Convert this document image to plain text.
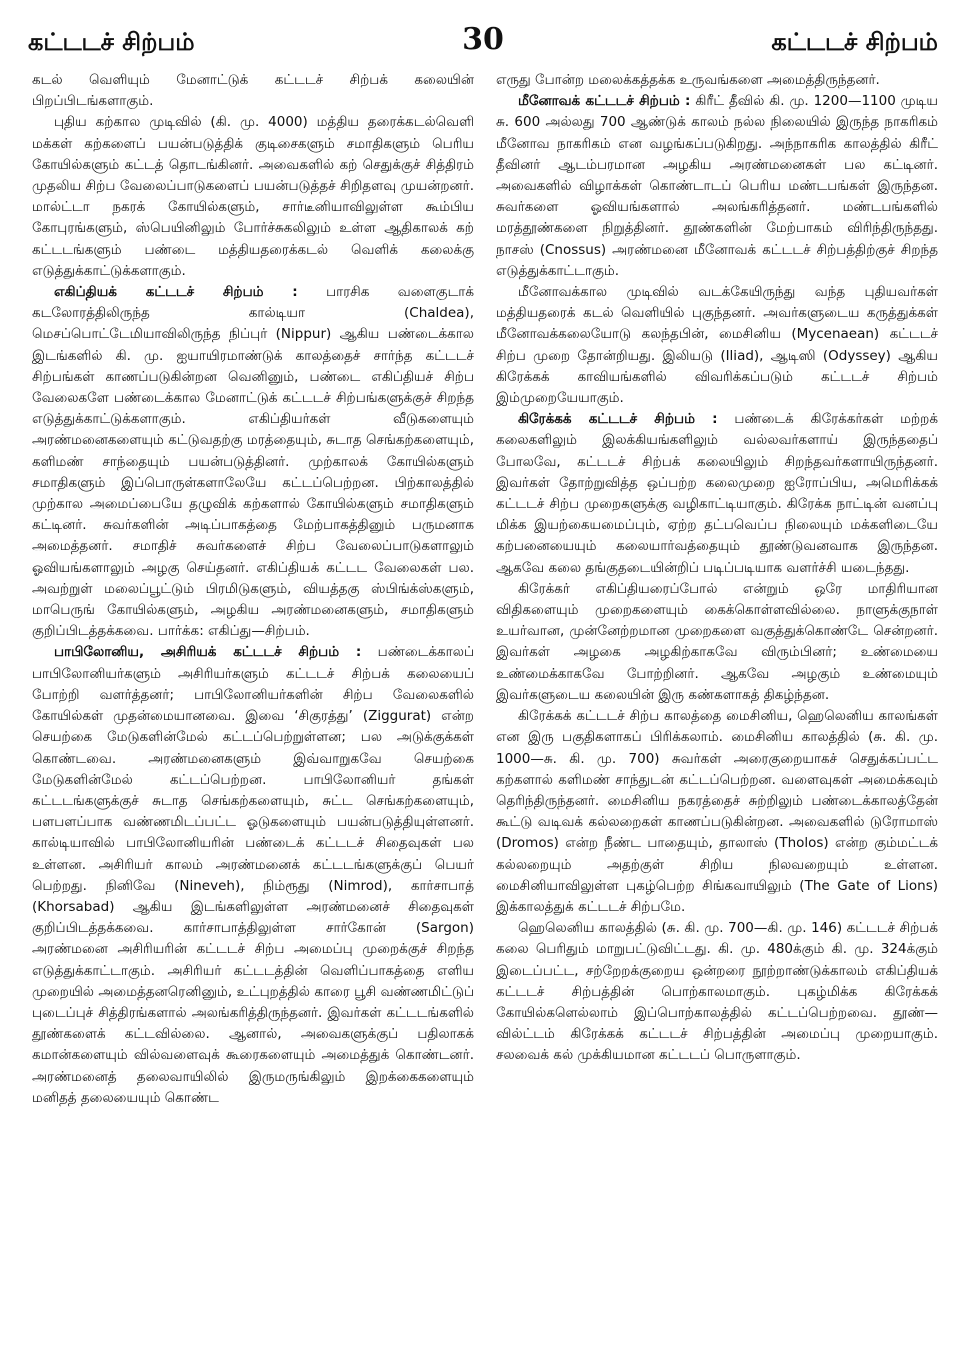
கட்டடச் சிற்பம்	30	கட்டடச் சிற்பம்

கடல் வெளியும் மேனாட்டுக் கட்டடச் சிற்பக் கலையின் பிறப்பிடங்களாகும்.

புதிய கற்கால முடிவில் (கி. மு. 4000) மத்திய தரைக்கடல்வெளி மக்கள் கற்களைப் பயன்படுத்திக் குடிசைகளும் சமாதிகளும் பெரிய கோயில்களும் கட்டத் தொடங்கினர். அவைகளில் கற் செதுக்குச் சித்திரம் முதலிய சிற்ப வேலைப்பாடுகளைப் பயன்படுத்தச் சிறிதளவு முயன்றனர். மால்ட்டா நகரக் கோயில்களும், சார்டீனியாவிலுள்ள கூம்பிய கோபுரங்களும், ஸ்பெயினிலும் போர்ச்சுகலிலும் உள்ள ஆதிகாலக் கற் கட்டடங்களும் பண்டை மத்தியதரைக்கடல் வெளிக் கலைக்கு எடுத்துக்காட்டுக்களாகும்.

எகிப்தியக் கட்டடச் சிற்பம் : பாரசிக வளைகுடாக் கடலோரத்திலிருந்த கால்டியா (Chaldea), மெசப்பொட்டேமியாவிலிருந்த நிப்புர் (Nippur) ஆகிய பண்டைக்கால இடங்களில் கி. மு. ஐயாயிரமாண்டுக் காலத்தைச் சார்ந்த கட்டடச் சிற்பங்கள் காணப்படுகின்றன வெனினும், பண்டை எகிப்தியச் சிற்ப வேலைகளே பண்டைக்கால மேனாட்டுக் கட்டடச் சிற்பங்களுக்குச் சிறந்த எடுத்துக்காட்டுக்களாகும். எகிப்தியர்கள் வீடுகளையும் அரண்மனைகளையும் கட்டுவதற்கு மரத்தையும், சுடாத செங்கற்களையும், களிமண் சாந்தையும் பயன்படுத்தினர். முற்காலக் கோயில்களும் சமாதிகளும் இப்பொருள்களாலேயே கட்டப்பெற்றன. பிற்காலத்தில் முற்கால அமைப்பையே தழுவிக் கற்களால் கோயில்களும் சமாதிகளும் கட்டினர். சுவர்களின் அடிப்பாகத்தை மேற்பாகத்தினும் பருமனாக அமைத்தனர். சமாதிச் சுவர்களைச் சிற்ப வேலைப்பாடுகளாலும் ஓவியங்களாலும் அழகு செய்தனர். எகிப்தியக் கட்டட வேலைகள் பல. அவற்றுள் மலைப்பூட்டும் பிரமிடுகளும், வியத்தகு ஸ்பிங்க்ஸ்களும், மாபெருங் கோயில்களும், அழகிய அரண்மனைகளும், சமாதிகளும் குறிப்பிடத்தக்கவை. பார்க்க: எகிப்து—சிற்பம்.

பாபிலோனிய, அசிரியக் கட்டடச் சிற்பம் : பண்டைக்காலப் பாபிலோனியர்களும் அசிரியர்களும் கட்டடச் சிற்பக் கலையைப் போற்றி வளர்த்தனர்; பாபிலோனியர்களின் சிற்ப வேலைகளில் கோயில்கள் முதன்மையானவை. இவை ‘சிகுரத்து’ (Ziggurat) என்ற செயற்கை மேடுகளின்மேல் கட்டப்பெற்றுள்ளன; பல அடுக்குக்கள் கொண்டவை. அரண்மனைகளும் இவ்வாறுகவே செயற்கை மேடுகளின்மேல் கட்டப்பெற்றன. பாபிலோனியர் தங்கள் கட்டடங்களுக்குச் சுடாத செங்கற்களையும், சுட்ட செங்கற்களையும், பளபளப்பாக வண்ணமிடப்பட்ட ஓடுகளையும் பயன்படுத்தியுள்ளனர். கால்டியாவில் பாபிலோனியரின் பண்டைக் கட்டடச் சிதைவுகள் பல உள்ளன. அசிரியர் காலம் அரண்மனைக் கட்டடங்களுக்குப் பெயர் பெற்றது. நினிவே (Nineveh), நிம்ரூது (Nimrod), கார்சாபாத் (Khorsabad) ஆகிய இடங்களிலுள்ள அரண்மனைச் சிதைவுகள் குறிப்பிடத்தக்கவை. கார்சாபாத்திலுள்ள சார்கோன் (Sargon) அரண்மனை அசிரியரின் கட்டடச் சிற்ப அமைப்பு முறைக்குச் சிறந்த எடுத்துக்காட்டாகும். அசிரியர் கட்டடத்தின் வெளிப்பாகத்தை எளிய முறையில் அமைத்தனரெனினும், உட்புறத்தில் காரை பூசி வண்ணமிட்டுப் புடைப்புச் சித்திரங்களால் அலங்கரித்திருந்தனர். இவர்கள் கட்டடங்களில் தூண்களைக் கட்டவில்லை. ஆனால், அவைகளுக்குப் பதிலாகக் கமான்களையும் வில்வளைவுக் கூரைகளையும் அமைத்துக் கொண்டனர். அரண்மனைத் தலைவாயிலில் இருமருங்கிலும் இறக்கைகளையும் மனிதத் தலையையும் கொண்ட

எருது போன்ற மலைக்கத்தக்க உருவங்களை அமைத்திருந்தனர்.

மீனோவக் கட்டடச் சிற்பம் : கிரீட் தீவில் கி. மு. 1200—1100 முடிய சு. 600 அல்லது 700 ஆண்டுக் காலம் நல்ல நிலையில் இருந்த நாகரிகம் மீனோவ நாகரிகம் என வழங்கப்படுகிறது. அந்நாகரிக காலத்தில் கிரீட் தீவினர் ஆடம்பரமான அழகிய அரண்மனைகள் பல கட்டினர். அவைகளில் விழாக்கள் கொண்டாடப் பெரிய மண்டபங்கள் இருந்தன. சுவர்களை ஓவியங்களால் அலங்கரித்தனர். மண்டபங்களில் மரத்தூண்களை நிறுத்தினர். தூண்களின் மேற்பாகம் விரிந்திருந்தது. நாசஸ் (Cnossus) அரண்மனை மீனோவக் கட்டடச் சிற்பத்திற்குச் சிறந்த எடுத்துக்காட்டாகும்.

மீனோவக்கால முடிவில் வடக்கேயிருந்து வந்த புதியவர்கள் மத்தியதரைக் கடல் வெளியில் புகுந்தனர். அவர்களுடைய கருத்துக்கள் மீனோவக்கலையோடு கலந்தபின், மைசினிய (Mycenaean) கட்டடச் சிற்ப முறை தோன்றியது. இலியடு (Iliad), ஆடிஸி (Odyssey) ஆகிய கிரேக்கக் காவியங்களில் விவரிக்கப்படும் கட்டடச் சிற்பம் இம்முறையேயாகும்.

கிரேக்கக் கட்டடச் சிற்பம் : பண்டைக் கிரேக்கர்கள் மற்றக் கலைகளிலும் இலக்கியங்களிலும் வல்லவர்களாய் இருந்ததைப் போலவே, கட்டடச் சிற்பக் கலையிலும் சிறந்தவர்களாயிருந்தனர். இவர்கள் தோற்றுவித்த ஒப்பற்ற கலைமுறை ஐரோப்பிய, அமெரிக்கக் கட்டடச் சிற்ப முறைகளுக்கு வழிகாட்டியாகும். கிரேக்க நாட்டின் வனப்பு மிக்க இயற்கையமைப்பும், ஏற்ற தட்பவெப்ப நிலையும் மக்களிடையே கற்பனையையும் கலையார்வத்தையும் தூண்டுவனவாக இருந்தன. ஆகவே கலை தங்குதடையின்றிப் படிப்படியாக வளர்ச்சி யடைந்தது.

கிரேக்கர் எகிப்தியரைப்போல் என்றும் ஒரே மாதிரியான விதிகளையும் முறைகளையும் கைக்கொள்ளவில்லை. நாளுக்குநாள் உயர்வான, முன்னேற்றமான முறைகளை வகுத்துக்கொண்டே சென்றனர். இவர்கள் அழகை அழகிற்காகவே விரும்பினர்; உண்மையை உண்மைக்காகவே போற்றினர். ஆகவே அழகும் உண்மையும் இவர்களுடைய கலையின் இரு கண்களாகத் திகழ்ந்தன.

கிரேக்கக் கட்டடச் சிற்ப காலத்தை மைசினிய, ஹெலெனிய காலங்கள் என இரு பகுதிகளாகப் பிரிக்கலாம். மைசினிய காலத்தில் (சு. கி. மு. 1000—சு. கி. மு. 700) சுவர்கள் அரைகுறையாகச் செதுக்கப்பட்ட கற்களால் களிமண் சாந்துடன் கட்டப்பெற்றன. வளைவுகள் அமைக்கவும் தெரிந்திருந்தனர். மைசினிய நகரத்தைச் சுற்றிலும் பண்டைக்காலத்தேன் கூட்டு வடிவக் கல்லறைகள் காணப்படுகின்றன. அவைகளில் டுரோமாஸ் (Dromos) என்ற நீண்ட பாதையும், தாலாஸ் (Tholos) என்ற கும்மட்டக் கல்லறையும் அதற்குள் சிறிய நிலவறையும் உள்ளன. மைசினியாவிலுள்ள புகழ்பெற்ற சிங்கவாயிலும் (The Gate of Lions) இக்காலத்துக் கட்டடச் சிற்பமே.

ஹெலெனிய காலத்தில் (சு. கி. மு. 700—கி. மு. 146) கட்டடச் சிற்பக் கலை பெரிதும் மாறுபட்டுவிட்டது. கி. மு. 480க்கும் கி. மு. 324க்கும் இடைப்பட்ட, சற்றேறக்குறைய ஒன்றரை நூற்றாண்டுக்காலம் எகிப்தியக் கட்டடச் சிற்பத்தின் பொற்காலமாகும். புகழ்மிக்க கிரேக்கக் கோயில்களெல்லாம் இப்பொற்காலத்தில் கட்டப்பெற்றவை. தூண்—வில்ட்டம் கிரேக்கக் கட்டடச் சிற்பத்தின் அமைப்பு முறையாகும். சலவைக் கல் முக்கியமான கட்டடப் பொருளாகும்.
